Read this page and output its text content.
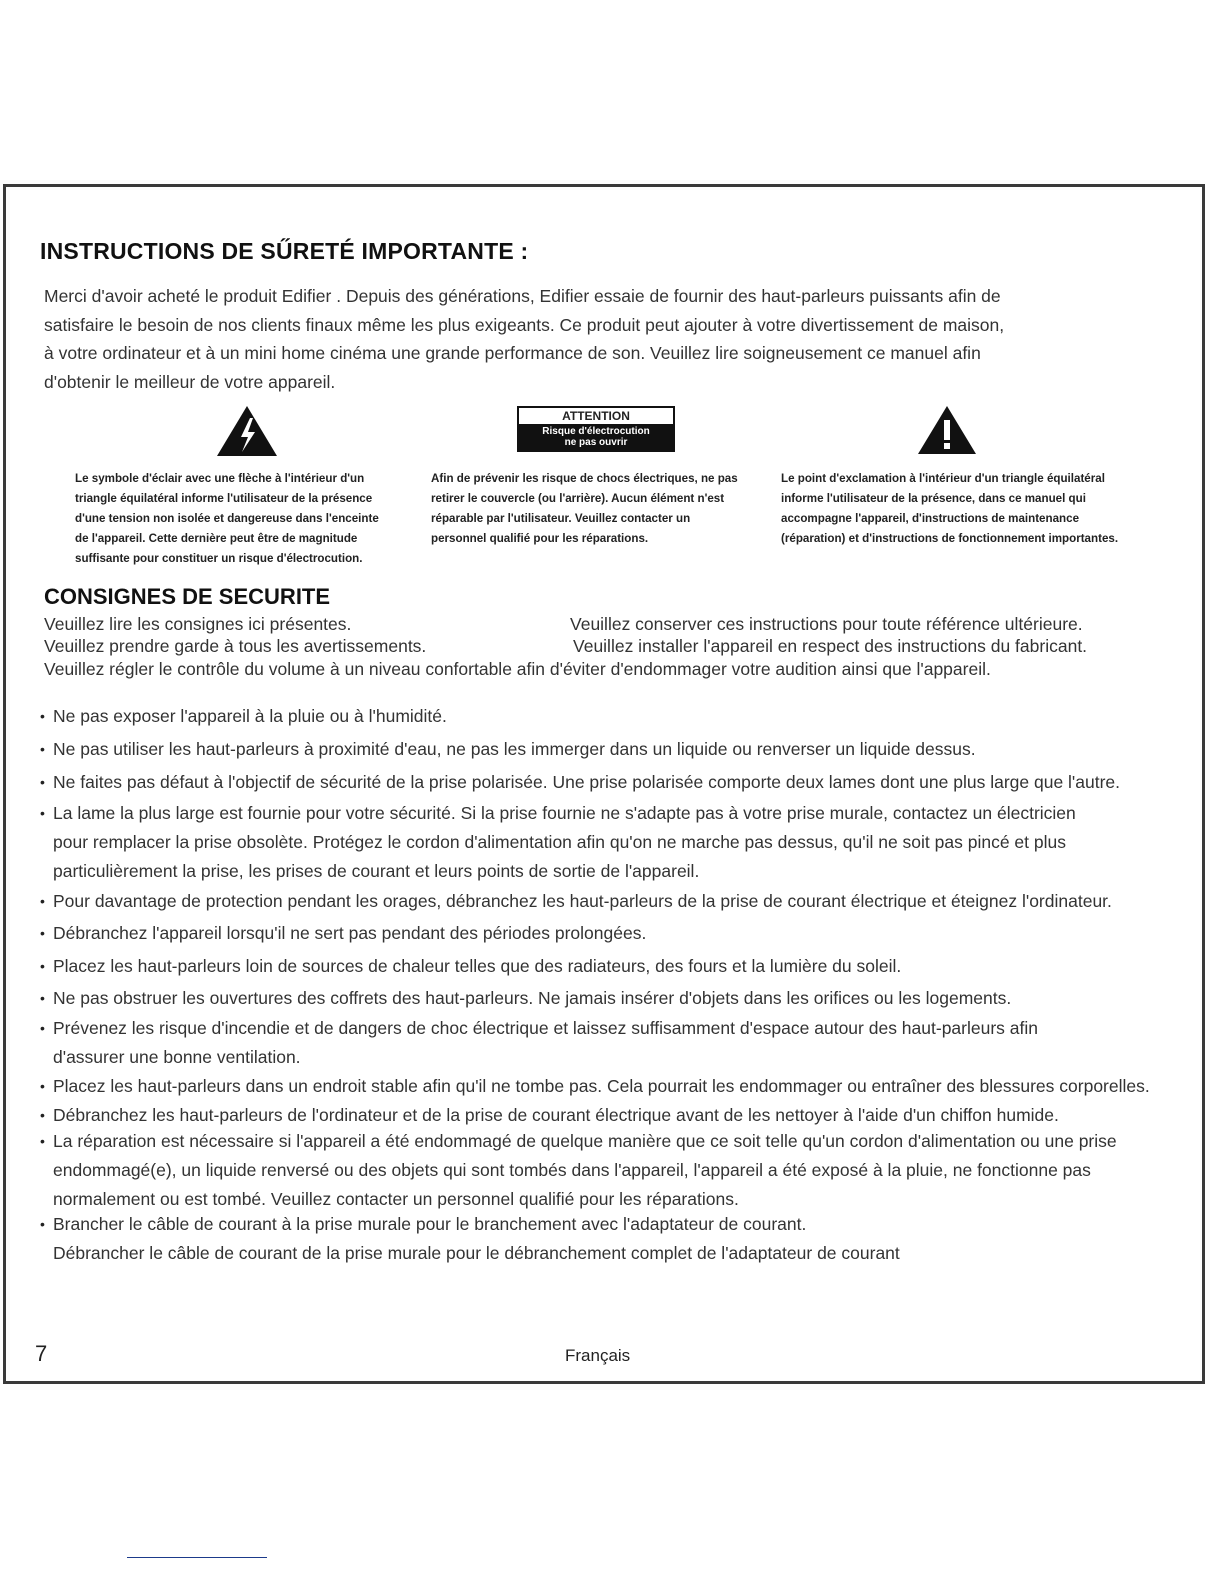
INSTRUCTIONS DE SŰRETÉ IMPORTANTE :
Merci d'avoir acheté le produit Edifier . Depuis des générations, Edifier essaie de fournir des haut-parleurs puissants afin de
satisfaire le besoin de nos clients finaux même les plus exigeants. Ce produit peut ajouter à votre divertissement de maison,
à votre ordinateur et à un mini home cinéma une grande performance de son. Veuillez lire soigneusement ce manuel afin
d'obtenir le meilleur de votre appareil.
ATTENTION
Risque d'électrocution
ne pas ouvrir
Le symbole d'éclair avec une flèche à l'intérieur d'un
triangle équilatéral informe l'utilisateur de la présence
d'une tension non isolée et dangereuse dans l'enceinte
de l'appareil. Cette dernière peut être de magnitude
suffisante pour constituer un risque d'électrocution.
Afin de prévenir les risque de chocs électriques, ne pas
retirer le couvercle (ou l'arrière). Aucun élément n'est
réparable par l'utilisateur. Veuillez contacter un
personnel qualifié pour les réparations.
Le point d'exclamation à l'intérieur d'un triangle équilatéral
informe l'utilisateur de la présence, dans ce manuel qui
accompagne l'appareil, d'instructions de maintenance
(réparation) et d'instructions de fonctionnement importantes.
CONSIGNES DE SECURITE
Veuillez lire les consignes ici présentes.	Veuillez conserver ces instructions pour toute référence ultérieure.
Veuillez prendre garde à tous les avertissements.	Veuillez installer l'appareil en respect des instructions du fabricant.
Veuillez régler le contrôle du volume à un niveau confortable afin d'éviter d'endommager votre audition ainsi que l'appareil.
• Ne pas exposer l'appareil à la pluie ou à l'humidité.
• Ne pas utiliser les haut-parleurs à proximité d'eau, ne pas les immerger dans un liquide ou renverser un liquide dessus.
• Ne faites pas défaut à l'objectif de sécurité de la prise polarisée. Une prise polarisée comporte deux lames dont une plus large que l'autre.
• La lame la plus large est fournie pour votre sécurité. Si la prise fournie ne s'adapte pas à votre prise murale, contactez un électricien
pour remplacer la prise obsolète. Protégez le cordon d'alimentation afin qu'on ne marche pas dessus, qu'il ne soit pas pincé et plus
particulièrement la prise, les prises de courant et leurs points de sortie de l'appareil.
• Pour davantage de protection pendant les orages, débranchez les haut-parleurs de la prise de courant électrique et éteignez l'ordinateur.
• Débranchez l'appareil lorsqu'il ne sert pas pendant des périodes prolongées.
• Placez les haut-parleurs loin de sources de chaleur telles que des radiateurs, des fours et la lumière du soleil.
• Ne pas obstruer les ouvertures des coffrets des haut-parleurs. Ne jamais insérer d'objets dans les orifices ou les logements.
• Prévenez les risque d'incendie et de dangers de choc électrique et laissez suffisamment d'espace autour des haut-parleurs afin
d'assurer une bonne ventilation.
• Placez les haut-parleurs dans un endroit stable afin qu'il ne tombe pas. Cela pourrait les endommager ou entraîner des blessures corporelles.
• Débranchez les haut-parleurs de l'ordinateur et de la prise de courant électrique avant de les nettoyer à l'aide d'un chiffon humide.
• La réparation est nécessaire si l'appareil a été endommagé de quelque manière que ce soit telle qu'un cordon d'alimentation ou une prise
endommagé(e), un liquide renversé ou des objets qui sont tombés dans l'appareil, l'appareil a été exposé à la pluie, ne fonctionne pas
normalement ou est tombé. Veuillez contacter un personnel qualifié pour les réparations.
• Brancher le câble de courant à la prise murale pour le branchement avec l'adaptateur de courant.
Débrancher le câble de courant de la prise murale pour le débranchement complet de l'adaptateur de courant
7	Français
